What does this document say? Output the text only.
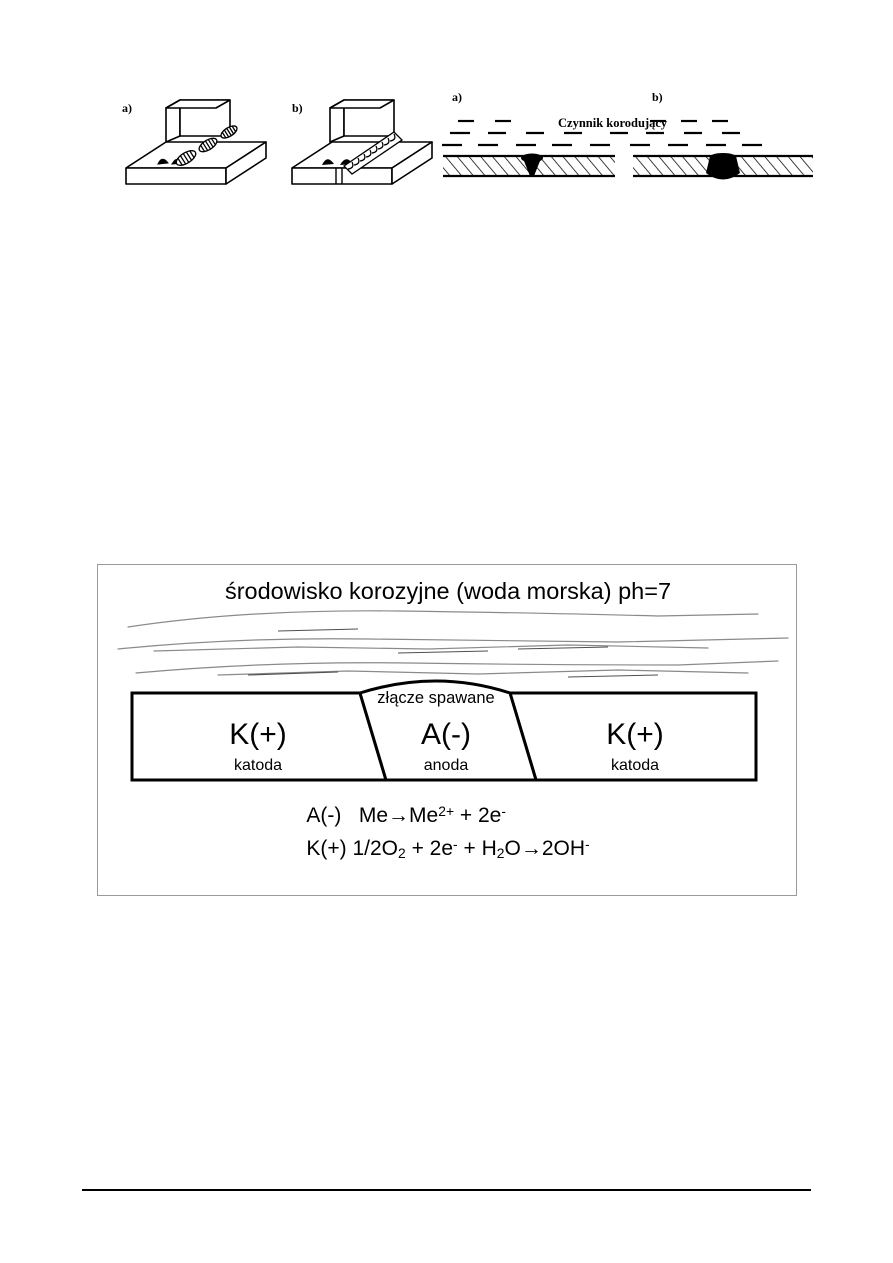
a)	b)
a)	b)
Czynnik korodujący
środowisko korozyjne (woda morska) ph=7
złącze spawane
K(+)
katoda
A(-)
anoda
K(+)
katoda
A(-)   $Me\to Me^{2+} + 2e^-$
K(+) $1/2O_2 + 2e^- + H_2O\to 2OH^-$
